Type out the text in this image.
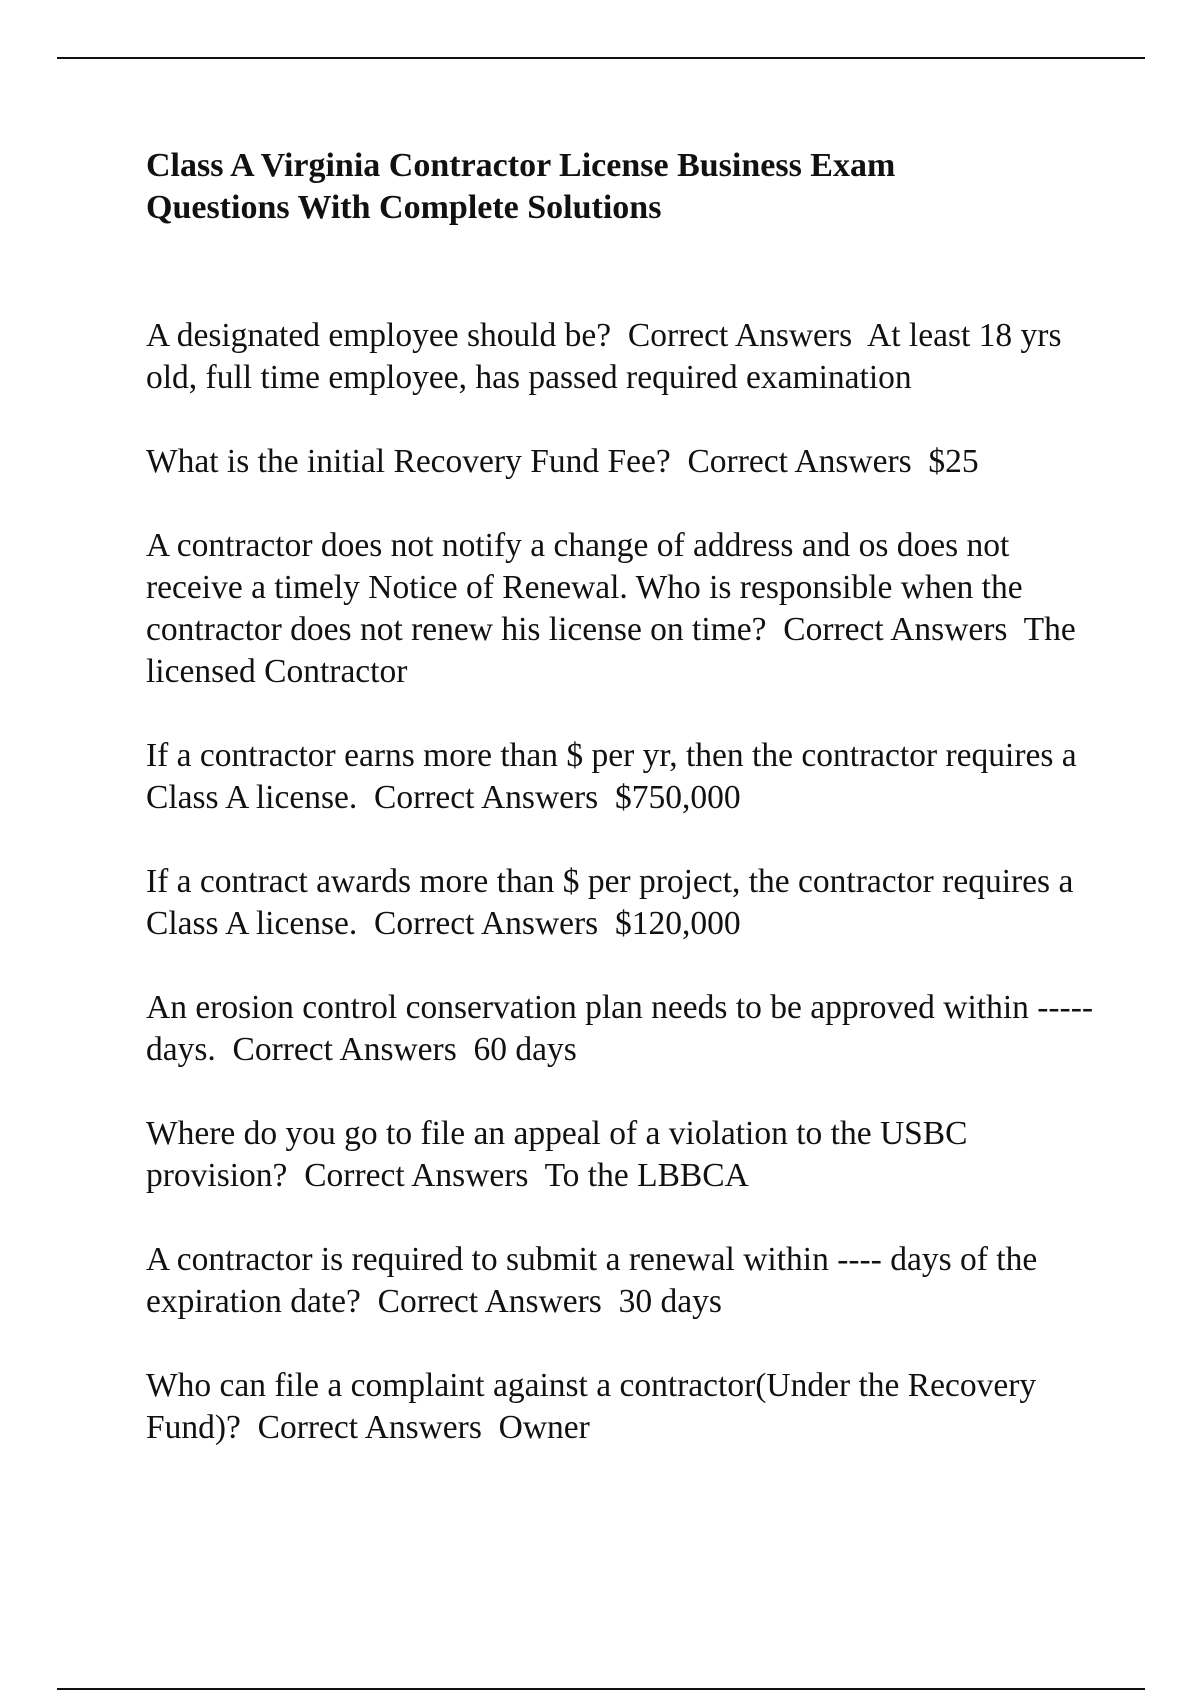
Class A Virginia Contractor License Business Exam Questions With Complete Solutions

A designated employee should be? Correct Answers At least 18 yrs old, full time employee, has passed required examination

What is the initial Recovery Fund Fee? Correct Answers $25

A contractor does not notify a change of address and os does not receive a timely Notice of Renewal. Who is responsible when the contractor does not renew his license on time? Correct Answers The licensed Contractor

If a contractor earns more than $ per yr, then the contractor requires a Class A license. Correct Answers $750,000

If a contract awards more than $ per project, the contractor requires a Class A license. Correct Answers $120,000

An erosion control conservation plan needs to be approved within ----- days. Correct Answers 60 days

Where do you go to file an appeal of a violation to the USBC provision? Correct Answers To the LBBCA

A contractor is required to submit a renewal within ---- days of the expiration date? Correct Answers 30 days

Who can file a complaint against a contractor(Under the Recovery Fund)? Correct Answers Owner
